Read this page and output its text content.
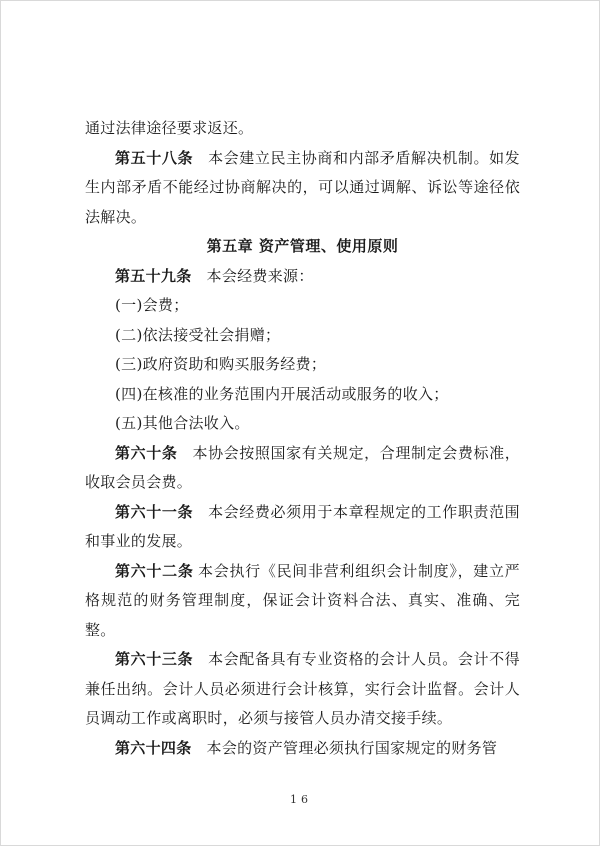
通过法律途径要求返还。

第五十八条 本会建立民主协商和内部矛盾解决机制。如发生内部矛盾不能经过协商解决的，可以通过调解、诉讼等途径依法解决。

第五章 资产管理、使用原则

第五十九条 本会经费来源：

(一)会费；

(二)依法接受社会捐赠；

(三)政府资助和购买服务经费；

(四)在核准的业务范围内开展活动或服务的收入；

(五)其他合法收入。

第六十条 本协会按照国家有关规定，合理制定会费标准，收取会员会费。

第六十一条 本会经费必须用于本章程规定的工作职责范围和事业的发展。

第六十二条 本会执行《民间非营利组织会计制度》，建立严格规范的财务管理制度，保证会计资料合法、真实、准确、完整。

第六十三条 本会配备具有专业资格的会计人员。会计不得兼任出纳。会计人员必须进行会计核算，实行会计监督。会计人员调动工作或离职时，必须与接管人员办清交接手续。

第六十四条 本会的资产管理必须执行国家规定的财务管

16
